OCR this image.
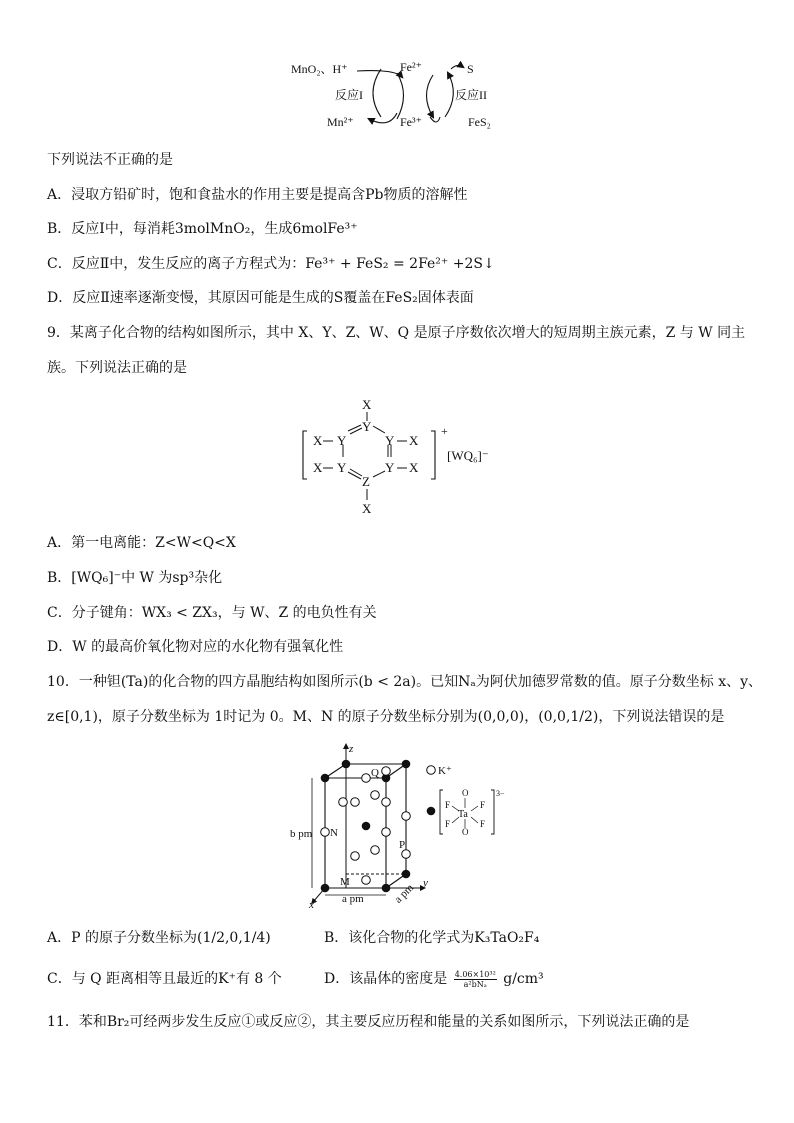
MnO₂、H⁺
反应I
Mn²⁺
Fe²⁺
Fe³⁺
S
反应II
FeS₂
下列说法不正确的是
A．浸取方铅矿时，饱和食盐水的作用主要是提高含Pb物质的溶解性
B．反应Ⅰ中，每消耗3molMnO₂，生成6molFe³⁺
C．反应Ⅱ中，发生反应的离子方程式为：Fe³⁺ + FeS₂ = 2Fe²⁺ +2S↓
D．反应Ⅱ速率逐渐变慢，其原因可能是生成的S覆盖在FeS₂固体表面
9．某离子化合物的结构如图所示，其中 X、Y、Z、W、Q 是原子序数依次增大的短周期主族元素，Z 与 W 同主
族。下列说法正确的是
X
Y
X Y	Y X
X Y	Y X
Z
X
+
[WQ₆]⁻
A．第一电离能：Z<W<Q<X
B．[WQ₆]⁻中 W 为sp³杂化
C．分子键角：WX₃ < ZX₃，与 W、Z 的电负性有关
D．W 的最高价氧化物对应的水化物有强氧化性
10．一种钽(Ta)的化合物的四方晶胞结构如图所示(b < 2a)。已知Nₐ为阿伏加德罗常数的值。原子分数坐标 x、y、
z∈[0,1)，原子分数坐标为 1时记为 0。M、N 的原子分数坐标分别为(0,0,0)，(0,0,1/2)，下列说法错误的是
z
y
x
b pm
a pm	a pm
Q
N
P
M
K⁺
3−
Ta
O
O
F	F
F	F
A．P 的原子分数坐标为(1/2,0,1/4)	B．该化合物的化学式为K₃TaO₂F₄
C．与 Q 距离相等且最近的K⁺有 8 个	D．该晶体的密度是 4.06×10³²
a²bNₐ	g/cm³
11．苯和Br₂可经两步发生反应①或反应②，其主要反应历程和能量的关系如图所示，下列说法正确的是
